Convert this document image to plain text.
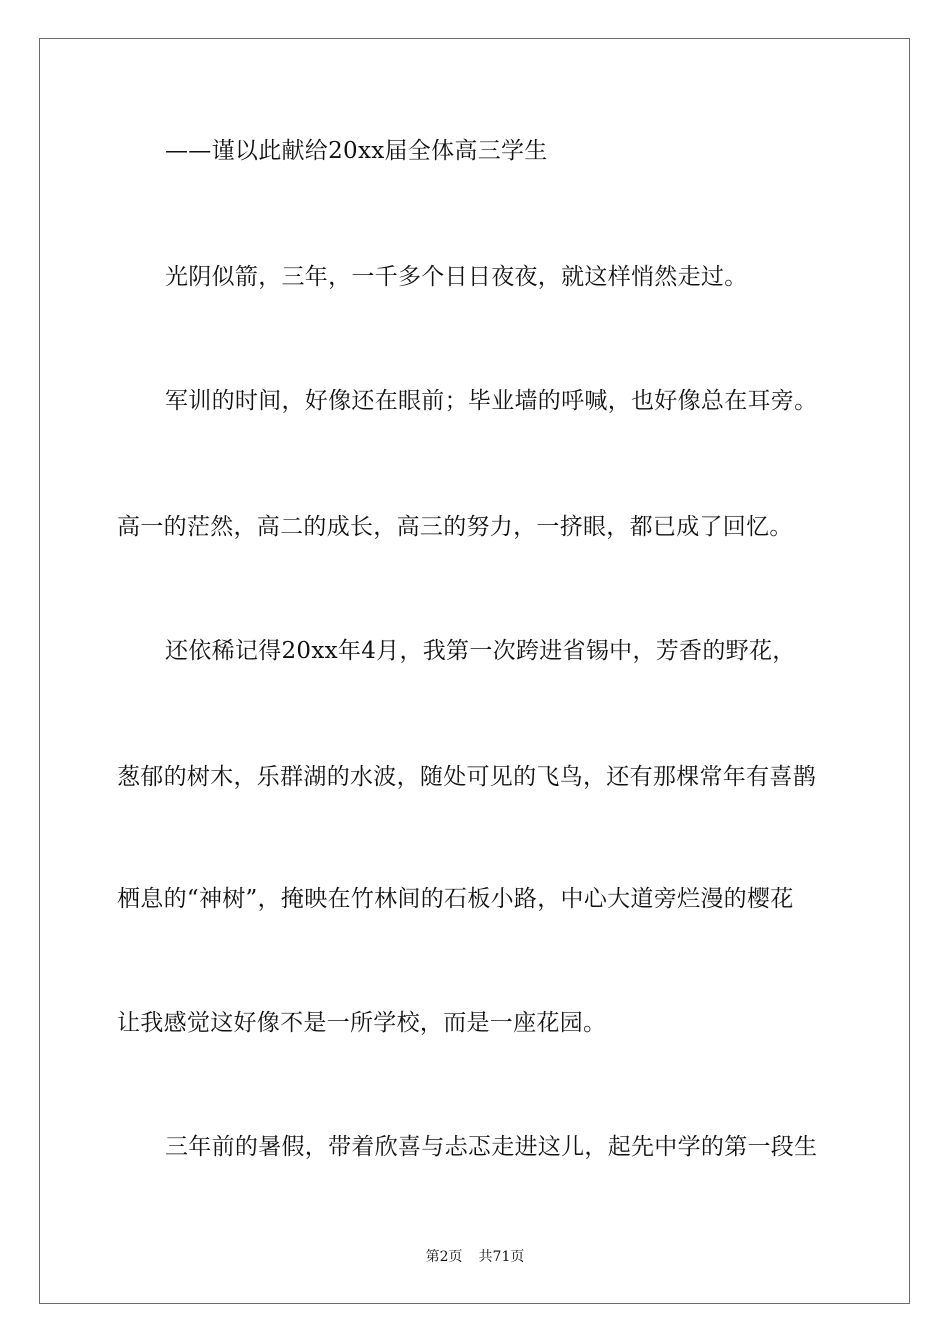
——谨以此献给20xx届全体高三学生
光阴似箭，三年，一千多个日日夜夜，就这样悄然走过。
军训的时间，好像还在眼前；毕业墙的呼喊，也好像总在耳旁。
高一的茫然，高二的成长，高三的努力，一挤眼，都已成了回忆。
还依稀记得20xx年4月，我第一次跨进省锡中，芳香的野花，
葱郁的树木，乐群湖的水波，随处可见的飞鸟，还有那棵常年有喜鹊
栖息的“神树”，掩映在竹林间的石板小路，中心大道旁烂漫的樱花
让我感觉这好像不是一所学校，而是一座花园。
三年前的暑假，带着欣喜与忐忑走进这儿，起先中学的第一段生
第2页 共71页
